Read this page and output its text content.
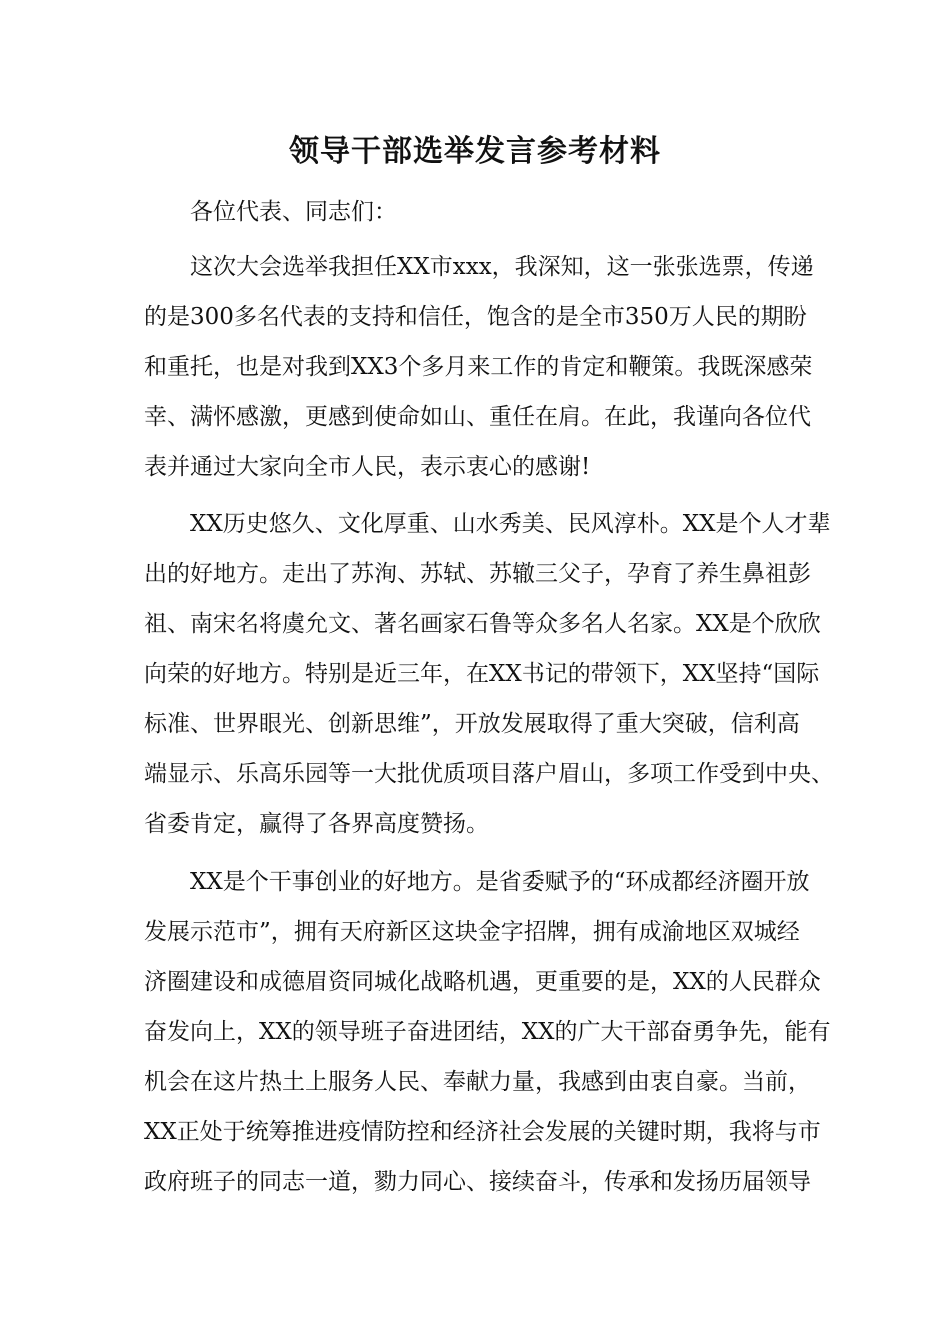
领导干部选举发言参考材料
各位代表、同志们：
这次大会选举我担任XX市xxx，我深知，这一张张选票，传递
的是300多名代表的支持和信任，饱含的是全市350万人民的期盼
和重托，也是对我到XX3个多月来工作的肯定和鞭策。我既深感荣
幸、满怀感激，更感到使命如山、重任在肩。在此，我谨向各位代
表并通过大家向全市人民，表示衷心的感谢!
XX历史悠久、文化厚重、山水秀美、民风淳朴。XX是个人才辈
出的好地方。走出了苏洵、苏轼、苏辙三父子，孕育了养生鼻祖彭
祖、南宋名将虞允文、著名画家石鲁等众多名人名家。XX是个欣欣
向荣的好地方。特别是近三年，在XX书记的带领下，XX坚持“国际
标准、世界眼光、创新思维”，开放发展取得了重大突破，信利高
端显示、乐高乐园等一大批优质项目落户眉山，多项工作受到中央、
省委肯定，赢得了各界高度赞扬。
XX是个干事创业的好地方。是省委赋予的“环成都经济圈开放
发展示范市”，拥有天府新区这块金字招牌，拥有成渝地区双城经
济圈建设和成德眉资同城化战略机遇，更重要的是，XX的人民群众
奋发向上，XX的领导班子奋进团结，XX的广大干部奋勇争先，能有
机会在这片热土上服务人民、奉献力量，我感到由衷自豪。当前，
XX正处于统筹推进疫情防控和经济社会发展的关键时期，我将与市
政府班子的同志一道，勠力同心、接续奋斗，传承和发扬历届领导
